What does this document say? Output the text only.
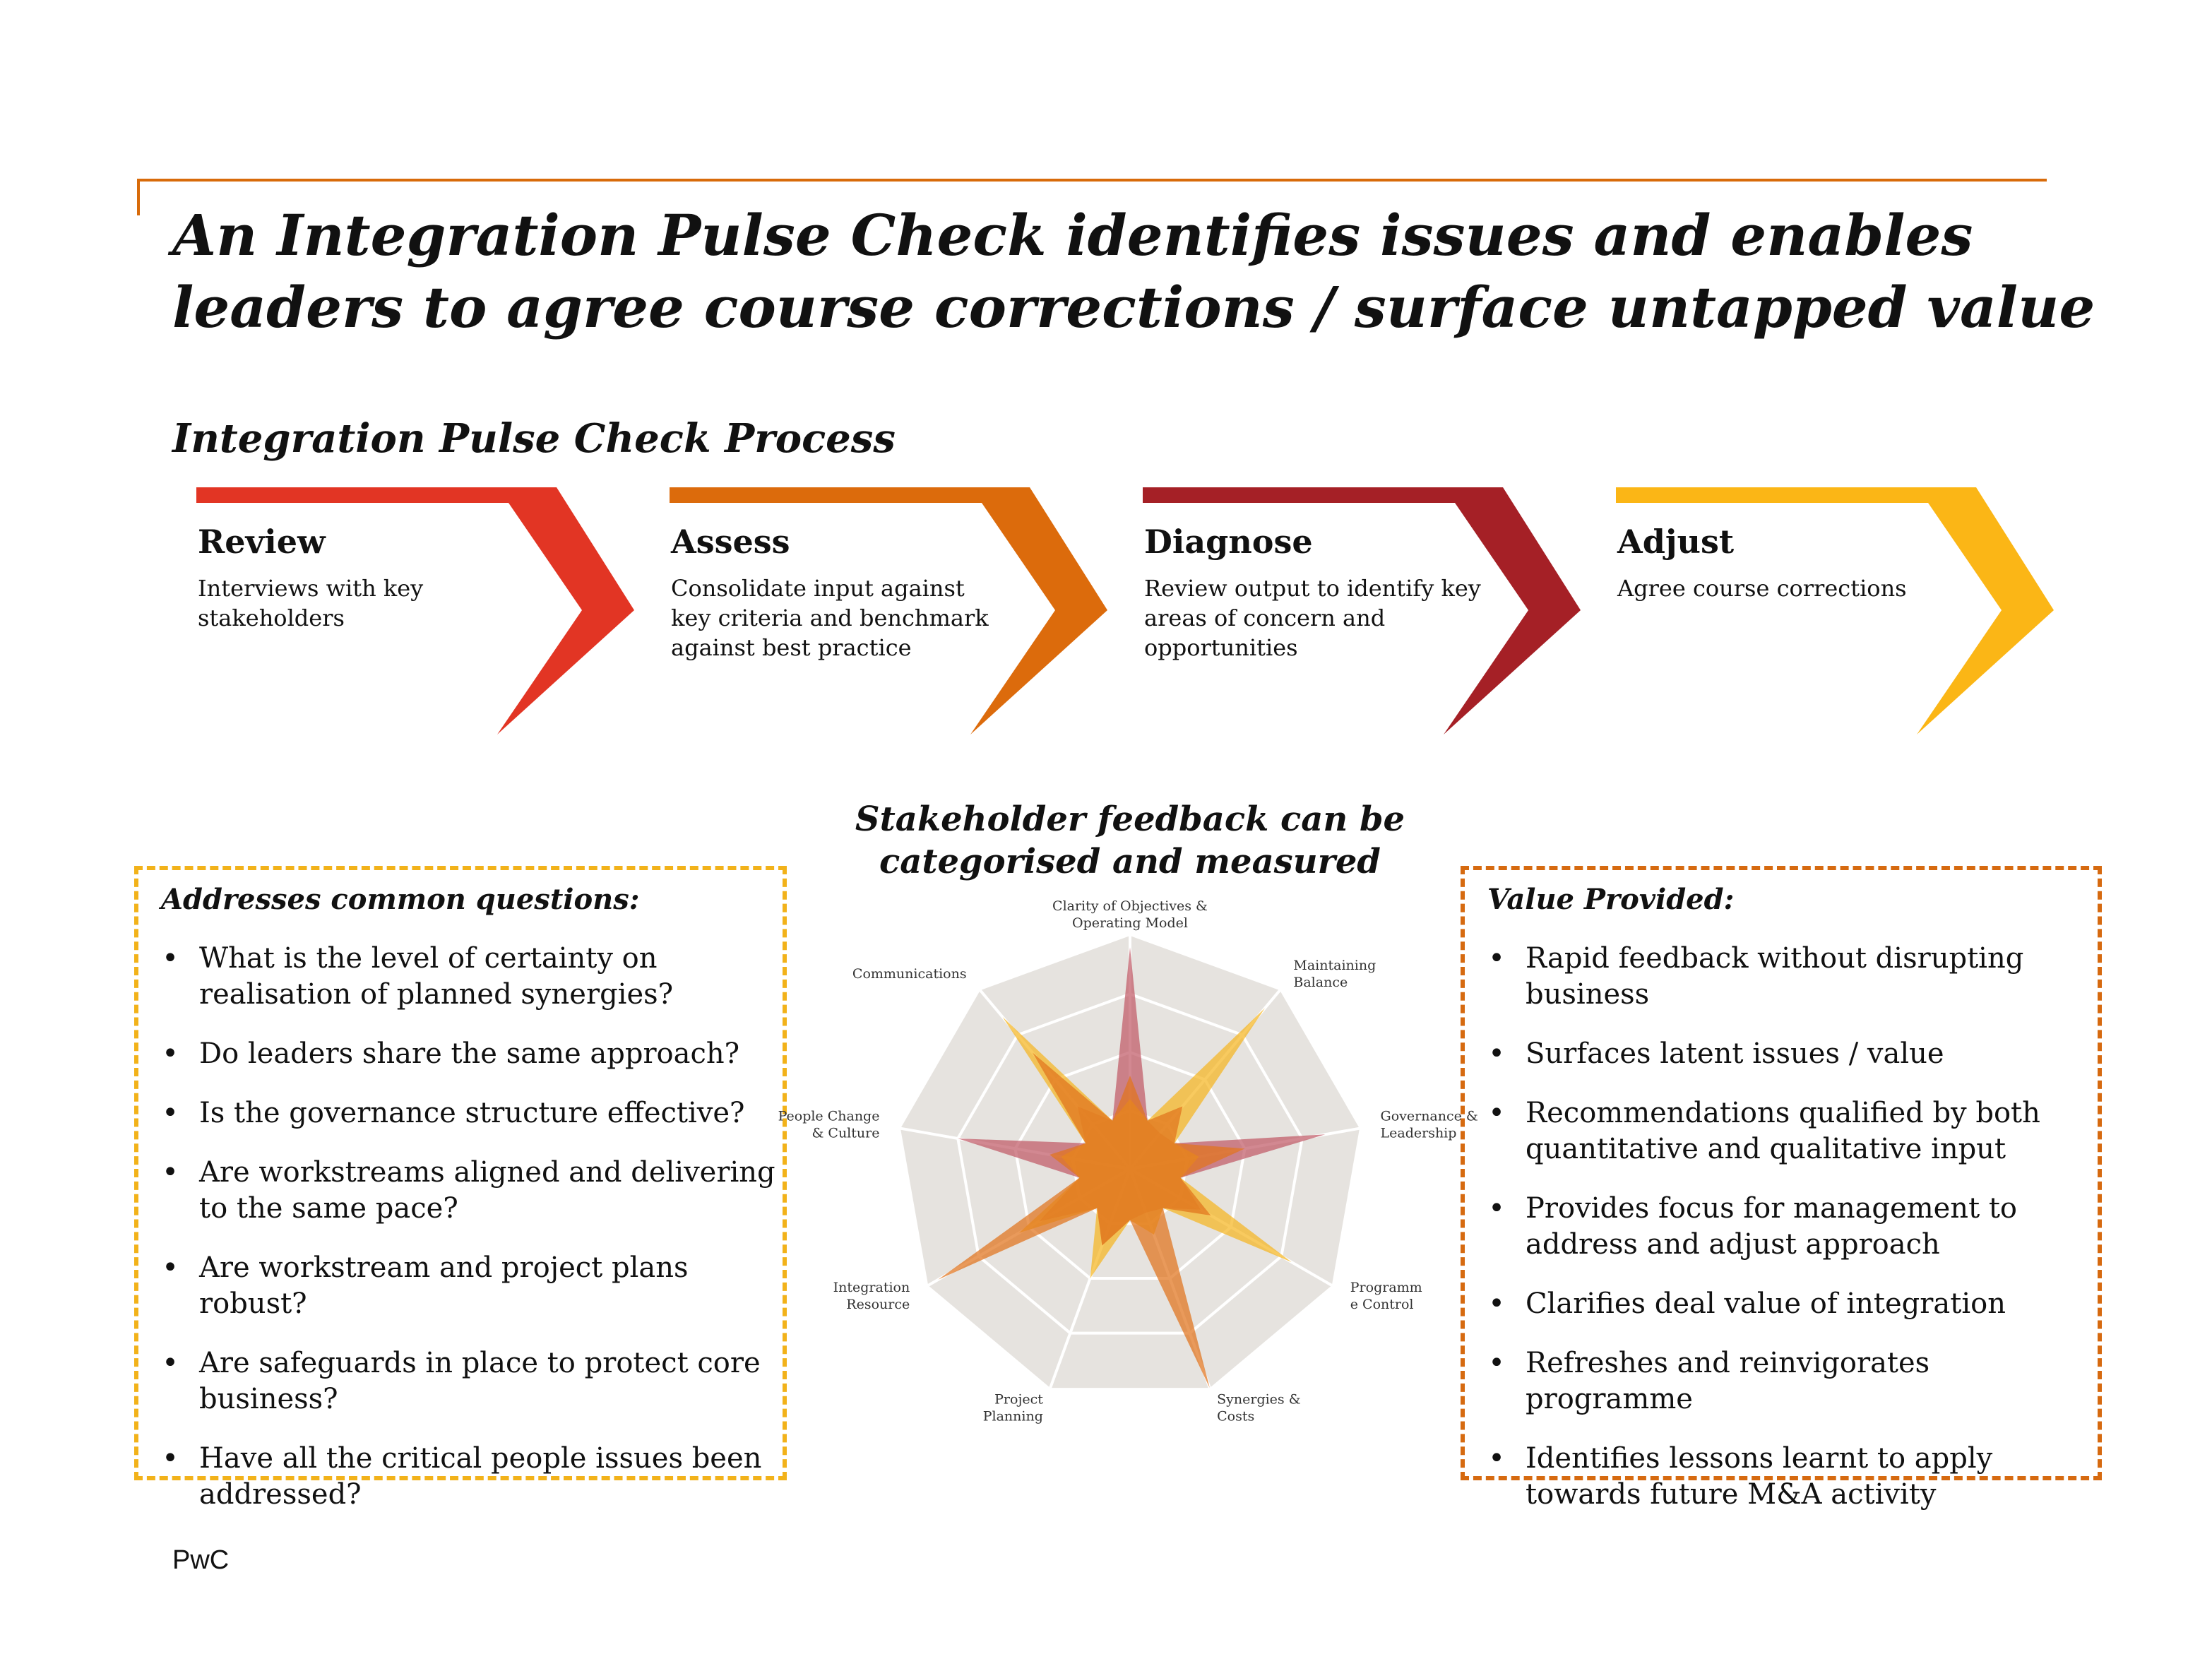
An Integration Pulse Check identifies issues and enables
leaders to agree course corrections / surface untapped value
Integration Pulse Check Process
Review
Interviews with key stakeholders
Assess
Consolidate input against key criteria and benchmark against best practice
Diagnose
Review output to identify key areas of concern and opportunities
Adjust
Agree course corrections
Stakeholder feedback can be categorised and measured
Addresses common questions:
• What is the level of certainty on realisation of planned synergies?
• Do leaders share the same approach?
• Is the governance structure effective?
• Are workstreams aligned and delivering to the same pace?
• Are workstream and project plans robust?
• Are safeguards in place to protect core business?
• Have all the critical people issues been addressed?
Value Provided:
• Rapid feedback without disrupting business
• Surfaces latent issues / value
• Recommendations qualified by both quantitative and qualitative input
• Provides focus for management to address and adjust approach
• Clarifies deal value of integration
• Refreshes and reinvigorates programme
• Identifies lessons learnt to apply towards future M&A activity
Clarity of Objectives & Operating Model
Maintaining Balance
Governance & Leadership
Programm e Control
Synergies & Costs
Project Planning
Integration Resource
People Change & Culture
Communications
PwC
